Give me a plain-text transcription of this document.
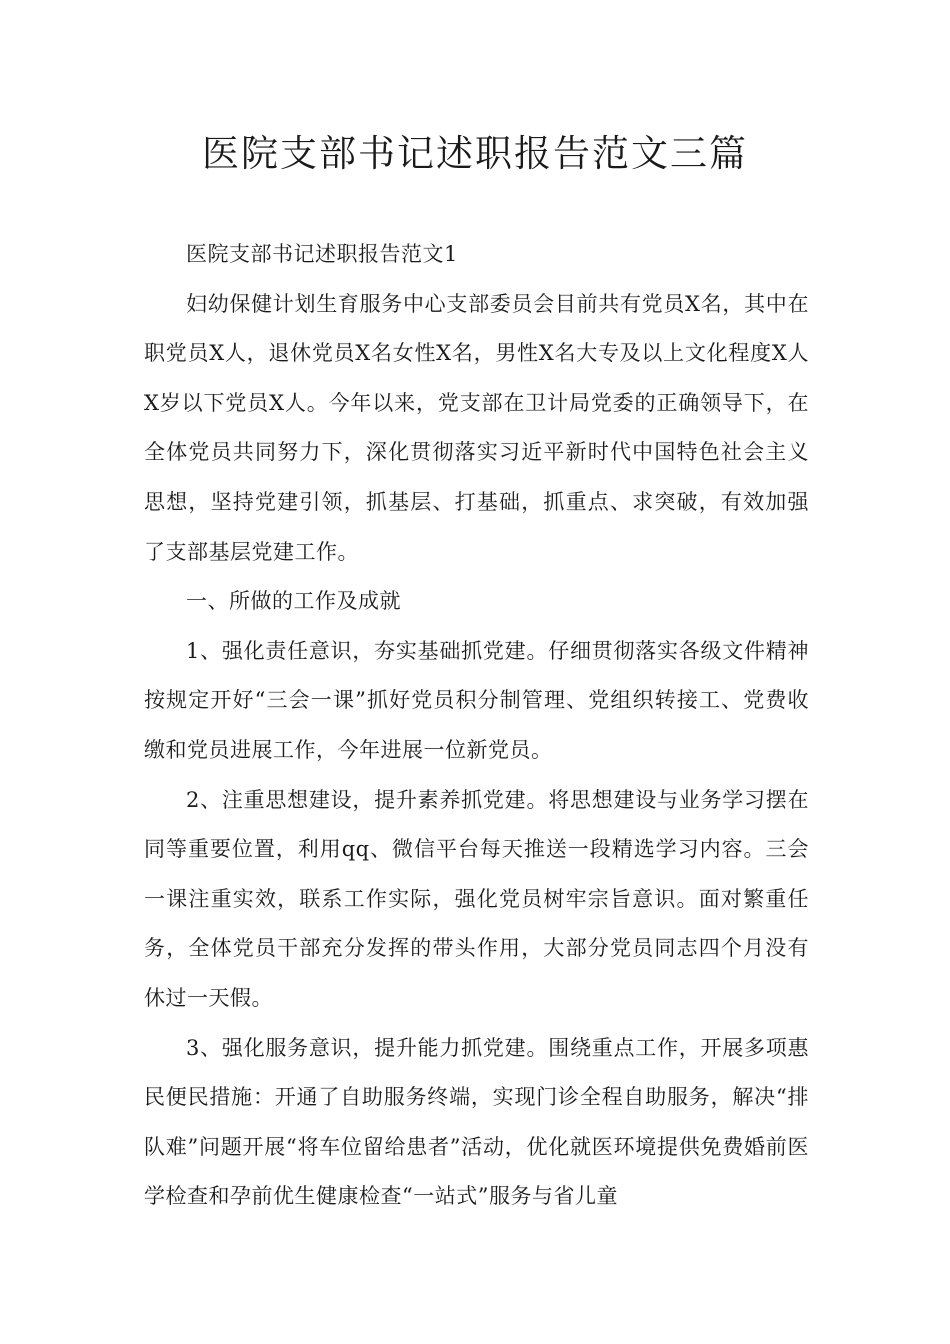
医院支部书记述职报告范文三篇

医院支部书记述职报告范文1

妇幼保健计划生育服务中心支部委员会目前共有党员X名，其中在职党员X人，退休党员X名女性X名，男性X名大专及以上文化程度X人X岁以下党员X人。今年以来，党支部在卫计局党委的正确领导下，在全体党员共同努力下，深化贯彻落实习近平新时代中国特色社会主义思想，坚持党建引领，抓基层、打基础，抓重点、求突破，有效加强了支部基层党建工作。

一、所做的工作及成就

1、强化责任意识，夯实基础抓党建。仔细贯彻落实各级文件精神按规定开好“三会一课”抓好党员积分制管理、党组织转接工、党费收缴和党员进展工作，今年进展一位新党员。

2、注重思想建设，提升素养抓党建。将思想建设与业务学习摆在同等重要位置，利用qq、微信平台每天推送一段精选学习内容。三会一课注重实效，联系工作实际，强化党员树牢宗旨意识。面对繁重任务，全体党员干部充分发挥的带头作用，大部分党员同志四个月没有休过一天假。

3、强化服务意识，提升能力抓党建。围绕重点工作，开展多项惠民便民措施：开通了自助服务终端，实现门诊全程自助服务，解决“排队难”问题开展“将车位留给患者”活动，优化就医环境提供免费婚前医学检查和孕前优生健康检查“一站式”服务与省儿童
